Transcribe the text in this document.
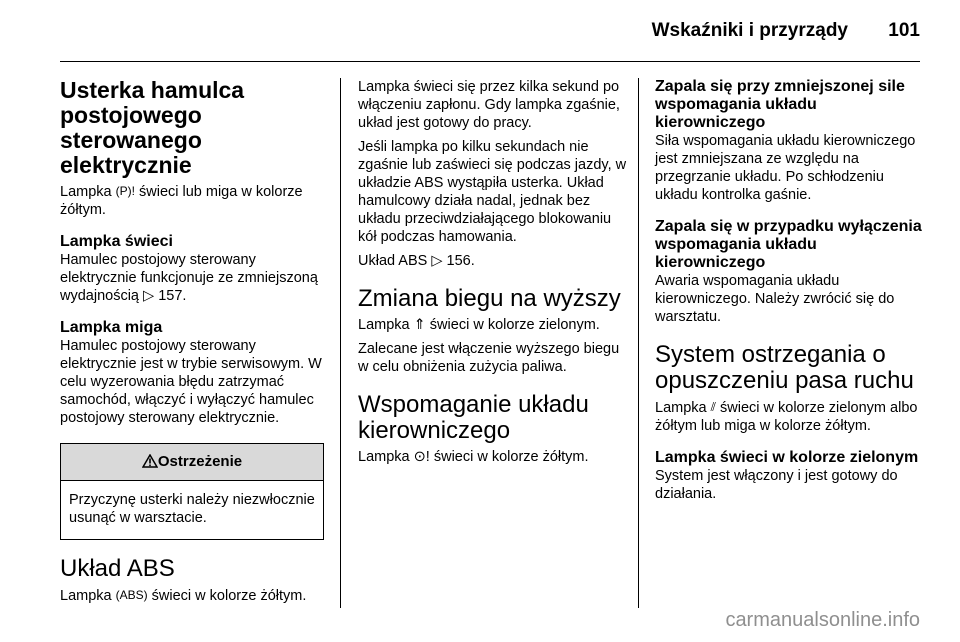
Wskaźniki i przyrządy 101
Usterka hamulca postojowego sterowanego elektrycznie

Lampka (P)! świeci lub miga w kolorze żółtym.

Lampka świeci

Hamulec postojowy sterowany elektrycznie funkcjonuje ze zmniejszoną wydajnością ▷ 157.

Lampka miga

Hamulec postojowy sterowany elektrycznie jest w trybie serwisowym. W celu wyzerowania błędu zatrzymać samochód, włączyć i wyłączyć hamulec postojowy sterowany elektrycznie.

Ostrzeżenie
Przyczynę usterki należy niezwłocznie usunąć w warsztacie.
Układ ABS

Lampka (ABS) świeci w kolorze żółtym.

Lampka świeci się przez kilka sekund po włączeniu zapłonu. Gdy lampka zgaśnie, układ jest gotowy do pracy.

Jeśli lampka po kilku sekundach nie zgaśnie lub zaświeci się podczas jazdy, w układzie ABS wystąpiła usterka. Układ hamulcowy działa nadal, jednak bez układu przeciwdziałającego blokowaniu kół podczas hamowania.

Układ ABS ▷ 156.

Zmiana biegu na wyższy

Lampka ⇑ świeci w kolorze zielonym.

Zalecane jest włączenie wyższego biegu w celu obniżenia zużycia paliwa.

Wspomaganie układu kierowniczego

Lampka ⊙! świeci w kolorze żółtym.

Zapala się przy zmniejszonej sile wspomagania układu kierowniczego

Siła wspomagania układu kierowniczego jest zmniejszana ze względu na przegrzanie układu. Po schłodzeniu układu kontrolka gaśnie.

Zapala się w przypadku wyłączenia wspomagania układu kierowniczego

Awaria wspomagania układu kierowniczego. Należy zwrócić się do warsztatu.

System ostrzegania o opuszczeniu pasa ruchu

Lampka ⫽ świeci w kolorze zielonym albo żółtym lub miga w kolorze żółtym.

Lampka świeci w kolorze zielonym

System jest włączony i jest gotowy do działania.

carmanualsonline.info
